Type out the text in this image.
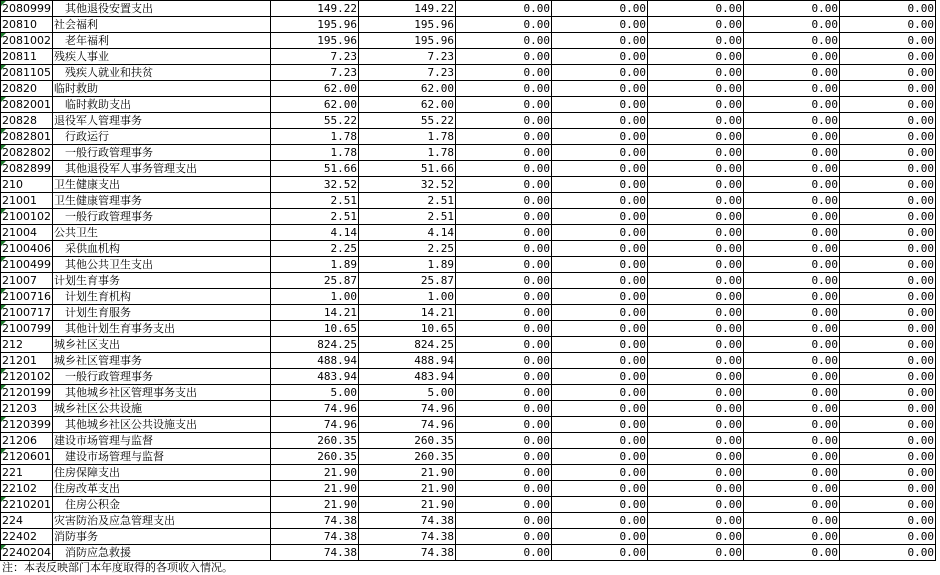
2080999	其他退役安置支出	149.22	149.22	0.00	0.00	0.00	0.00	0.00
20810	社会福利	195.96	195.96	0.00	0.00	0.00	0.00	0.00
2081002	老年福利	195.96	195.96	0.00	0.00	0.00	0.00	0.00
20811	残疾人事业	7.23	7.23	0.00	0.00	0.00	0.00	0.00
2081105	残疾人就业和扶贫	7.23	7.23	0.00	0.00	0.00	0.00	0.00
20820	临时救助	62.00	62.00	0.00	0.00	0.00	0.00	0.00
2082001	临时救助支出	62.00	62.00	0.00	0.00	0.00	0.00	0.00
20828	退役军人管理事务	55.22	55.22	0.00	0.00	0.00	0.00	0.00
2082801	行政运行	1.78	1.78	0.00	0.00	0.00	0.00	0.00
2082802	一般行政管理事务	1.78	1.78	0.00	0.00	0.00	0.00	0.00
2082899	其他退役军人事务管理支出	51.66	51.66	0.00	0.00	0.00	0.00	0.00
210	卫生健康支出	32.52	32.52	0.00	0.00	0.00	0.00	0.00
21001	卫生健康管理事务	2.51	2.51	0.00	0.00	0.00	0.00	0.00
2100102	一般行政管理事务	2.51	2.51	0.00	0.00	0.00	0.00	0.00
21004	公共卫生	4.14	4.14	0.00	0.00	0.00	0.00	0.00
2100406	采供血机构	2.25	2.25	0.00	0.00	0.00	0.00	0.00
2100499	其他公共卫生支出	1.89	1.89	0.00	0.00	0.00	0.00	0.00
21007	计划生育事务	25.87	25.87	0.00	0.00	0.00	0.00	0.00
2100716	计划生育机构	1.00	1.00	0.00	0.00	0.00	0.00	0.00
2100717	计划生育服务	14.21	14.21	0.00	0.00	0.00	0.00	0.00
2100799	其他计划生育事务支出	10.65	10.65	0.00	0.00	0.00	0.00	0.00
212	城乡社区支出	824.25	824.25	0.00	0.00	0.00	0.00	0.00
21201	城乡社区管理事务	488.94	488.94	0.00	0.00	0.00	0.00	0.00
2120102	一般行政管理事务	483.94	483.94	0.00	0.00	0.00	0.00	0.00
2120199	其他城乡社区管理事务支出	5.00	5.00	0.00	0.00	0.00	0.00	0.00
21203	城乡社区公共设施	74.96	74.96	0.00	0.00	0.00	0.00	0.00
2120399	其他城乡社区公共设施支出	74.96	74.96	0.00	0.00	0.00	0.00	0.00
21206	建设市场管理与监督	260.35	260.35	0.00	0.00	0.00	0.00	0.00
2120601	建设市场管理与监督	260.35	260.35	0.00	0.00	0.00	0.00	0.00
221	住房保障支出	21.90	21.90	0.00	0.00	0.00	0.00	0.00
22102	住房改革支出	21.90	21.90	0.00	0.00	0.00	0.00	0.00
2210201	住房公积金	21.90	21.90	0.00	0.00	0.00	0.00	0.00
224	灾害防治及应急管理支出	74.38	74.38	0.00	0.00	0.00	0.00	0.00
22402	消防事务	74.38	74.38	0.00	0.00	0.00	0.00	0.00
2240204	消防应急救援	74.38	74.38	0.00	0.00	0.00	0.00	0.00
注：本表反映部门本年度取得的各项收入情况。
